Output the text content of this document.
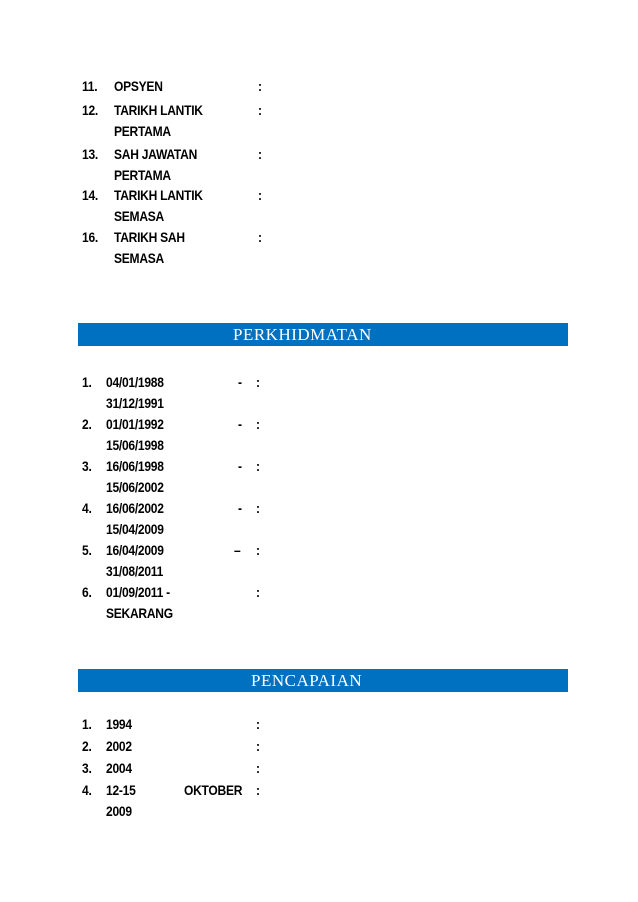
11. OPSYEN	:
12. TARIKH LANTIK
PERTAMA
:
13. SAH JAWATAN
PERTAMA
:
14. TARIKH LANTIK
SEMASA
:
16. TARIKH SAH
SEMASA
:
PERKHIDMATAN
1. 04/01/1988	-
31/12/1991
:
2. 01/01/1992	-
15/06/1998
:
3. 16/06/1998	-
15/06/2002
:
4. 16/06/2002	-
15/04/2009
:
5. 16/04/2009	–
31/08/2011
:
6. 01/09/2011 -
SEKARANG
:
PENCAPAIAN
1. 1994	:
2. 2002	:
3. 2004	:
4. 12-15	OKTOBER
2009
:
